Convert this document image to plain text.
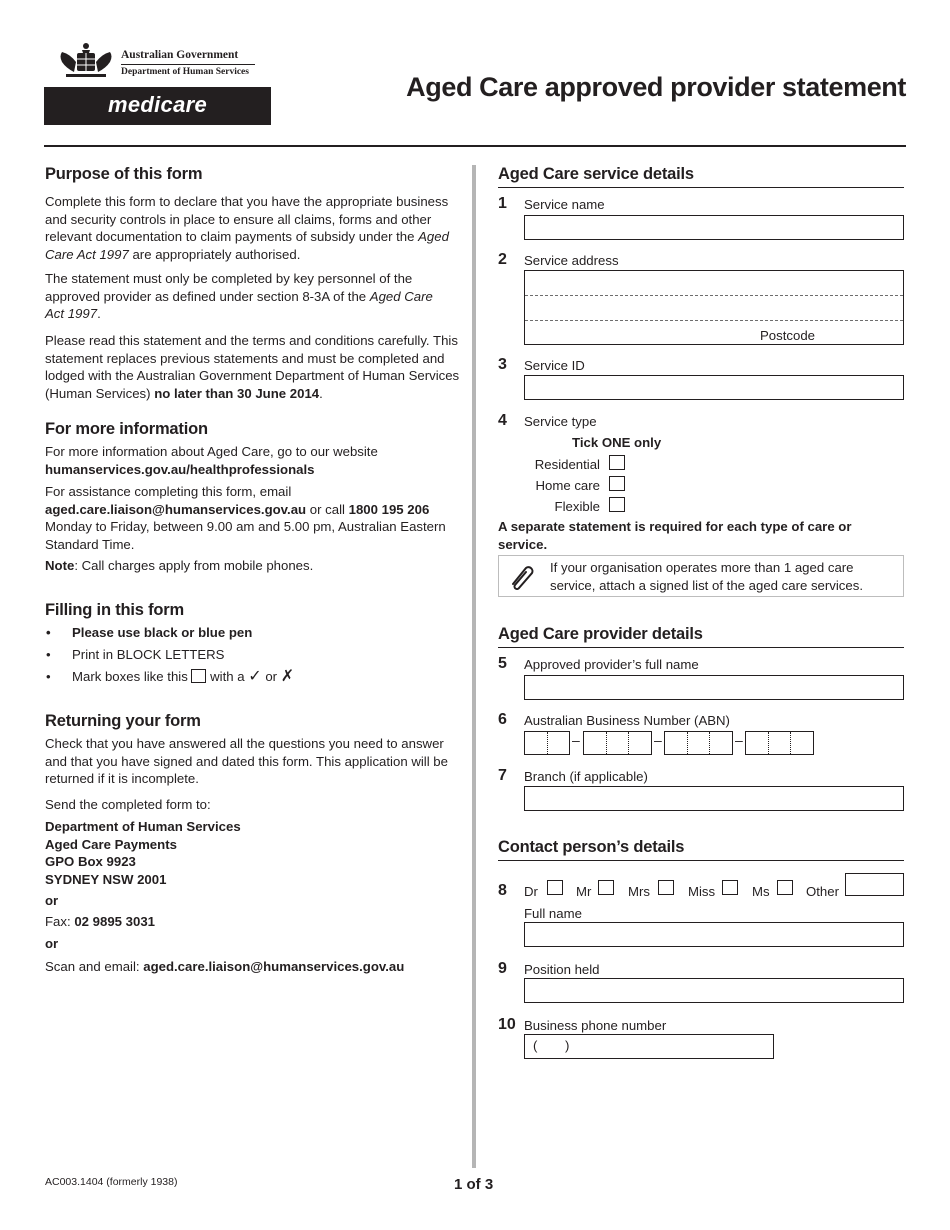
Australian Government
Department of Human Services
medicare
Aged Care approved provider statement
Purpose of this form
Complete this form to declare that you have the appropriate business and security controls in place to ensure all claims, forms and other relevant documentation to claim payments of subsidy under the Aged Care Act 1997 are appropriately authorised.
The statement must only be completed by key personnel of the approved provider as defined under section 8-3A of the Aged Care Act 1997.
Please read this statement and the terms and conditions carefully. This statement replaces previous statements and must be completed and lodged with the Australian Government Department of Human Services (Human Services) no later than 30 June 2014.
For more information
For more information about Aged Care, go to our website
humanservices.gov.au/healthprofessionals
For assistance completing this form, email
aged.care.liaison@humanservices.gov.au or call 1800 195 206
Monday to Friday, between 9.00 am and 5.00 pm, Australian Eastern Standard Time.
Note: Call charges apply from mobile phones.
Filling in this form
• Please use black or blue pen
• Print in BLOCK LETTERS
• Mark boxes like this with a ✓ or ✗
Returning your form
Check that you have answered all the questions you need to answer and that you have signed and dated this form. This application will be returned if it is incomplete.
Send the completed form to:
Department of Human Services
Aged Care Payments
GPO Box 9923
SYDNEY NSW 2001
or
Fax: 02 9895 3031
or
Scan and email: aged.care.liaison@humanservices.gov.au
Aged Care service details
1 Service name
2 Service address
Postcode
3 Service ID
4 Service type
Tick ONE only
Residential
Home care
Flexible
A separate statement is required for each type of care or service.
If your organisation operates more than 1 aged care service, attach a signed list of the aged care services.
Aged Care provider details
5 Approved provider’s full name
6 Australian Business Number (ABN)
–	–	–
7 Branch (if applicable)
Contact person’s details
8 Dr	Mr	Mrs	Miss	Ms	Other
Full name
9 Position held
10 Business phone number
( )
AC003.1404 (formerly 1938)	1 of 3
